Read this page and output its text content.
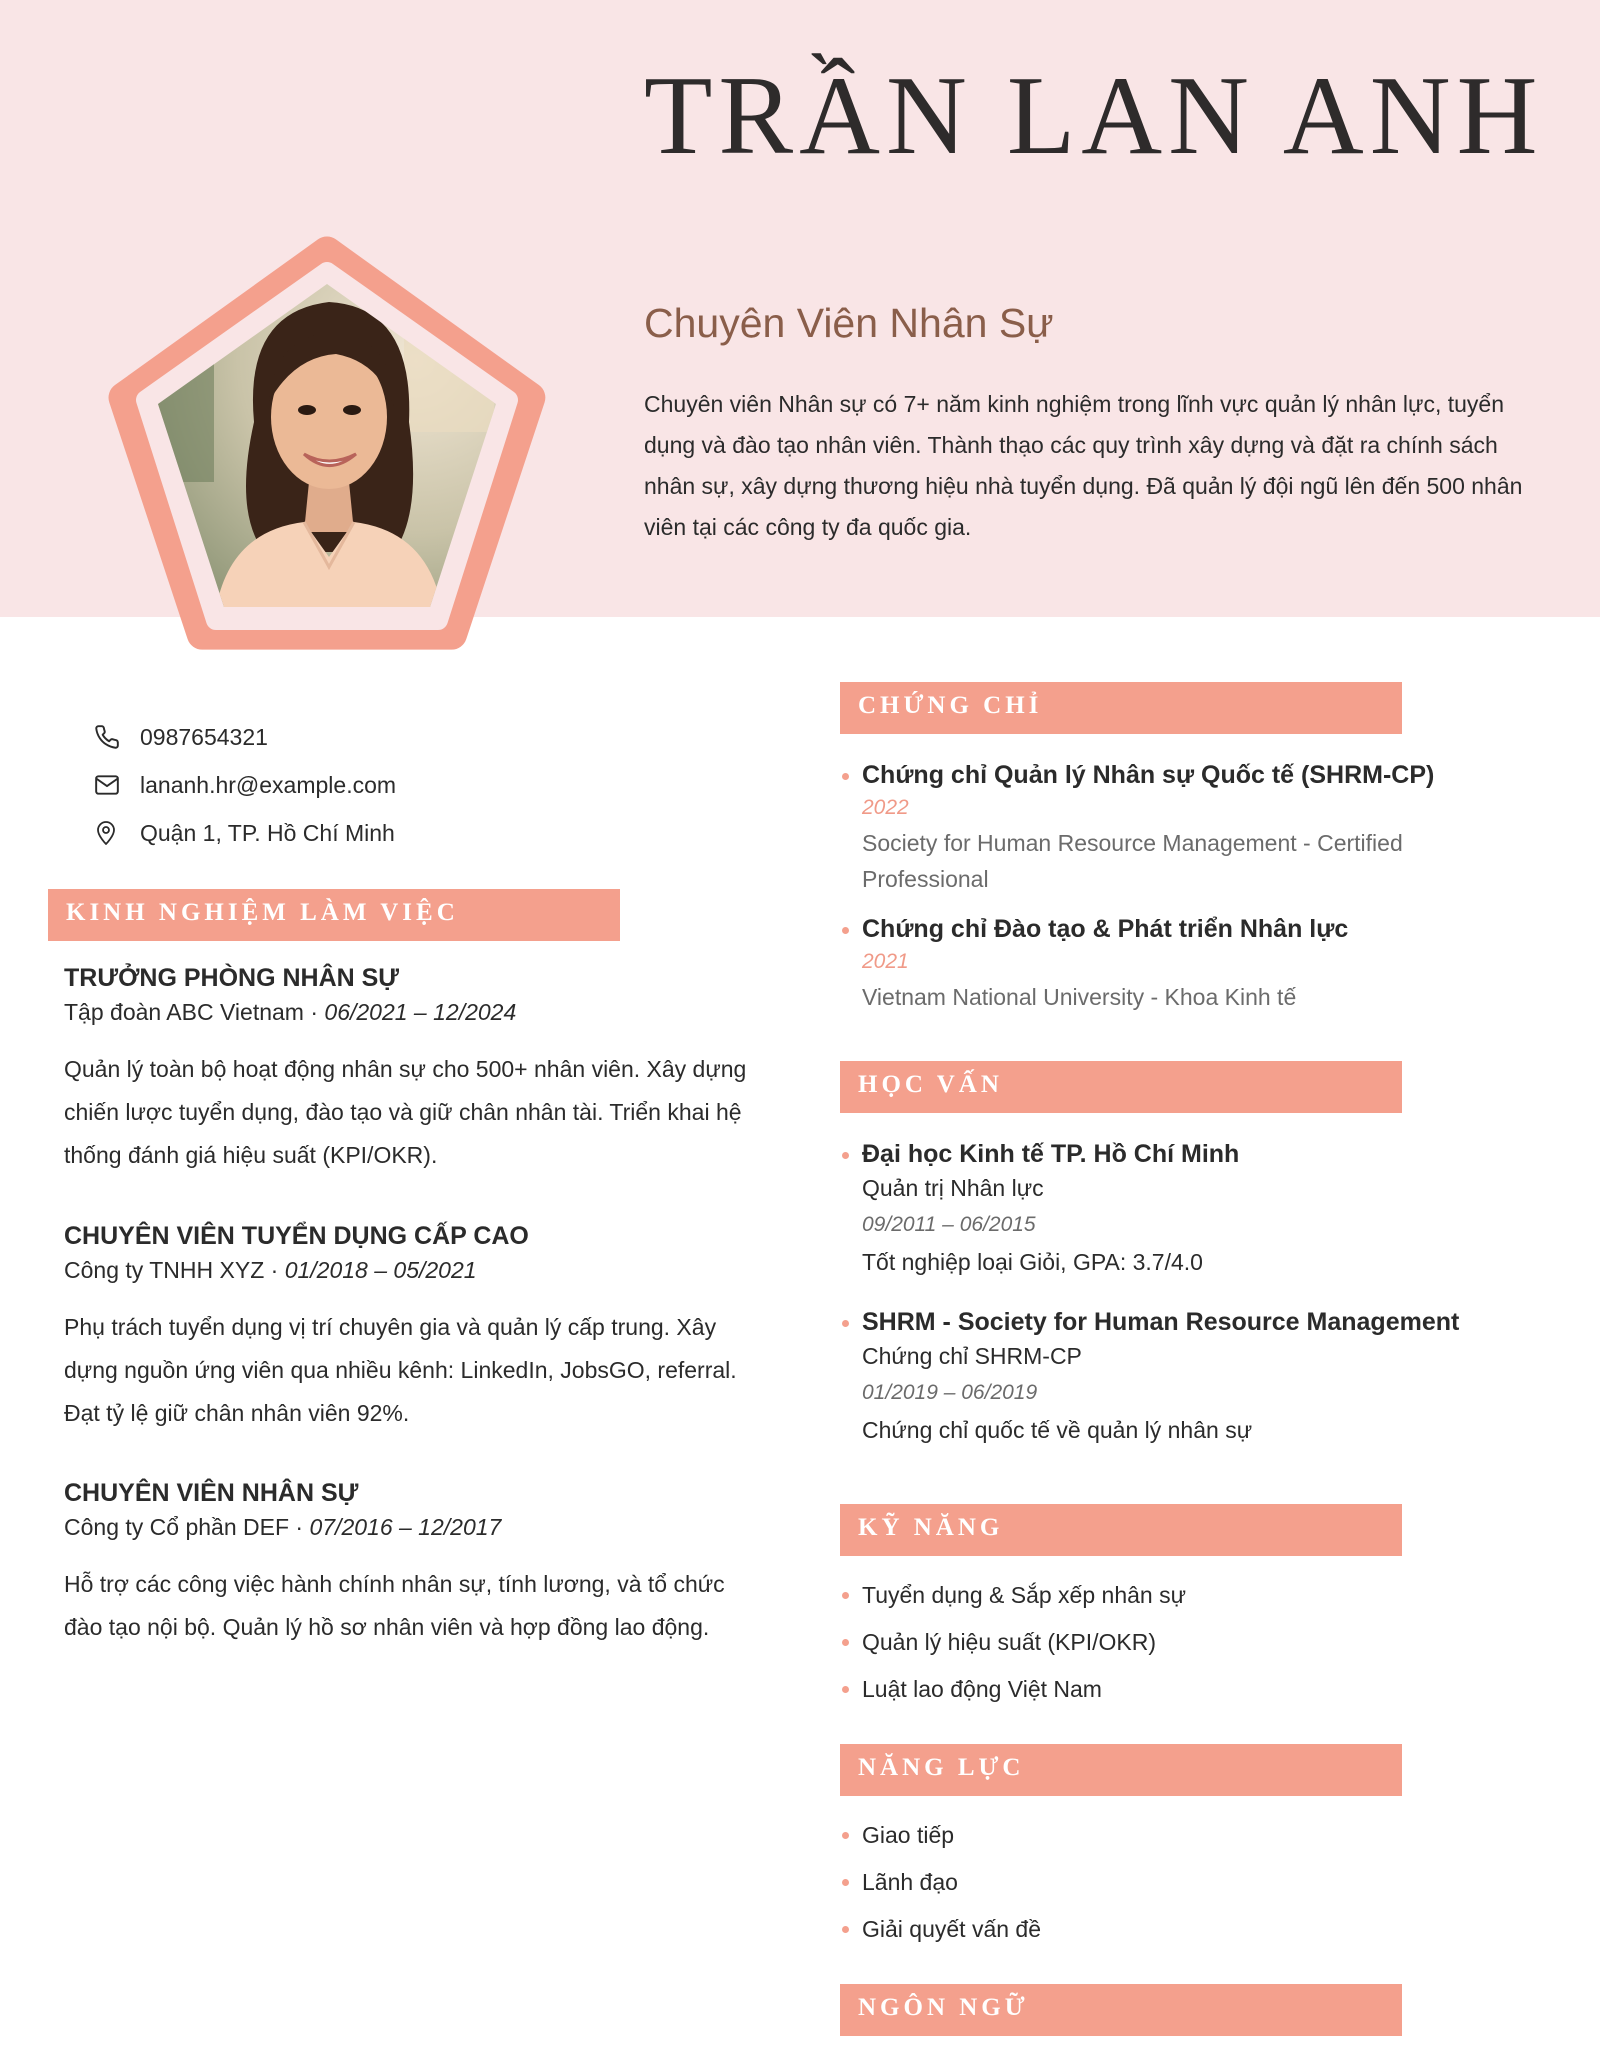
TRẦN LAN ANH
Chuyên Viên Nhân Sự
Chuyên viên Nhân sự có 7+ năm kinh nghiệm trong lĩnh vực quản lý nhân lực, tuyển dụng và đào tạo nhân viên. Thành thạo các quy trình xây dựng và đặt ra chính sách nhân sự, xây dựng thương hiệu nhà tuyển dụng. Đã quản lý đội ngũ lên đến 500 nhân viên tại các công ty đa quốc gia.
0987654321
lananh.hr@example.com
Quận 1, TP. Hồ Chí Minh
KINH NGHIỆM LÀM VIỆC
TRƯỞNG PHÒNG NHÂN SỰ
Tập đoàn ABC Vietnam · 06/2021 – 12/2024
Quản lý toàn bộ hoạt động nhân sự cho 500+ nhân viên. Xây dựng chiến lược tuyển dụng, đào tạo và giữ chân nhân tài. Triển khai hệ thống đánh giá hiệu suất (KPI/OKR).
CHUYÊN VIÊN TUYỂN DỤNG CẤP CAO
Công ty TNHH XYZ · 01/2018 – 05/2021
Phụ trách tuyển dụng vị trí chuyên gia và quản lý cấp trung. Xây dựng nguồn ứng viên qua nhiều kênh: LinkedIn, JobsGO, referral. Đạt tỷ lệ giữ chân nhân viên 92%.
CHUYÊN VIÊN NHÂN SỰ
Công ty Cổ phần DEF · 07/2016 – 12/2017
Hỗ trợ các công việc hành chính nhân sự, tính lương, và tổ chức đào tạo nội bộ. Quản lý hồ sơ nhân viên và hợp đồng lao động.
CHỨNG CHỈ
Chứng chỉ Quản lý Nhân sự Quốc tế (SHRM-CP)
2022
Society for Human Resource Management - Certified Professional
Chứng chỉ Đào tạo & Phát triển Nhân lực
2021
Vietnam National University - Khoa Kinh tế
HỌC VẤN
Đại học Kinh tế TP. Hồ Chí Minh
Quản trị Nhân lực
09/2011 – 06/2015
Tốt nghiệp loại Giỏi, GPA: 3.7/4.0
SHRM - Society for Human Resource Management
Chứng chỉ SHRM-CP
01/2019 – 06/2019
Chứng chỉ quốc tế về quản lý nhân sự
KỸ NĂNG
Tuyển dụng & Sắp xếp nhân sự
Quản lý hiệu suất (KPI/OKR)
Luật lao động Việt Nam
NĂNG LỰC
Giao tiếp
Lãnh đạo
Giải quyết vấn đề
NGÔN NGỮ
